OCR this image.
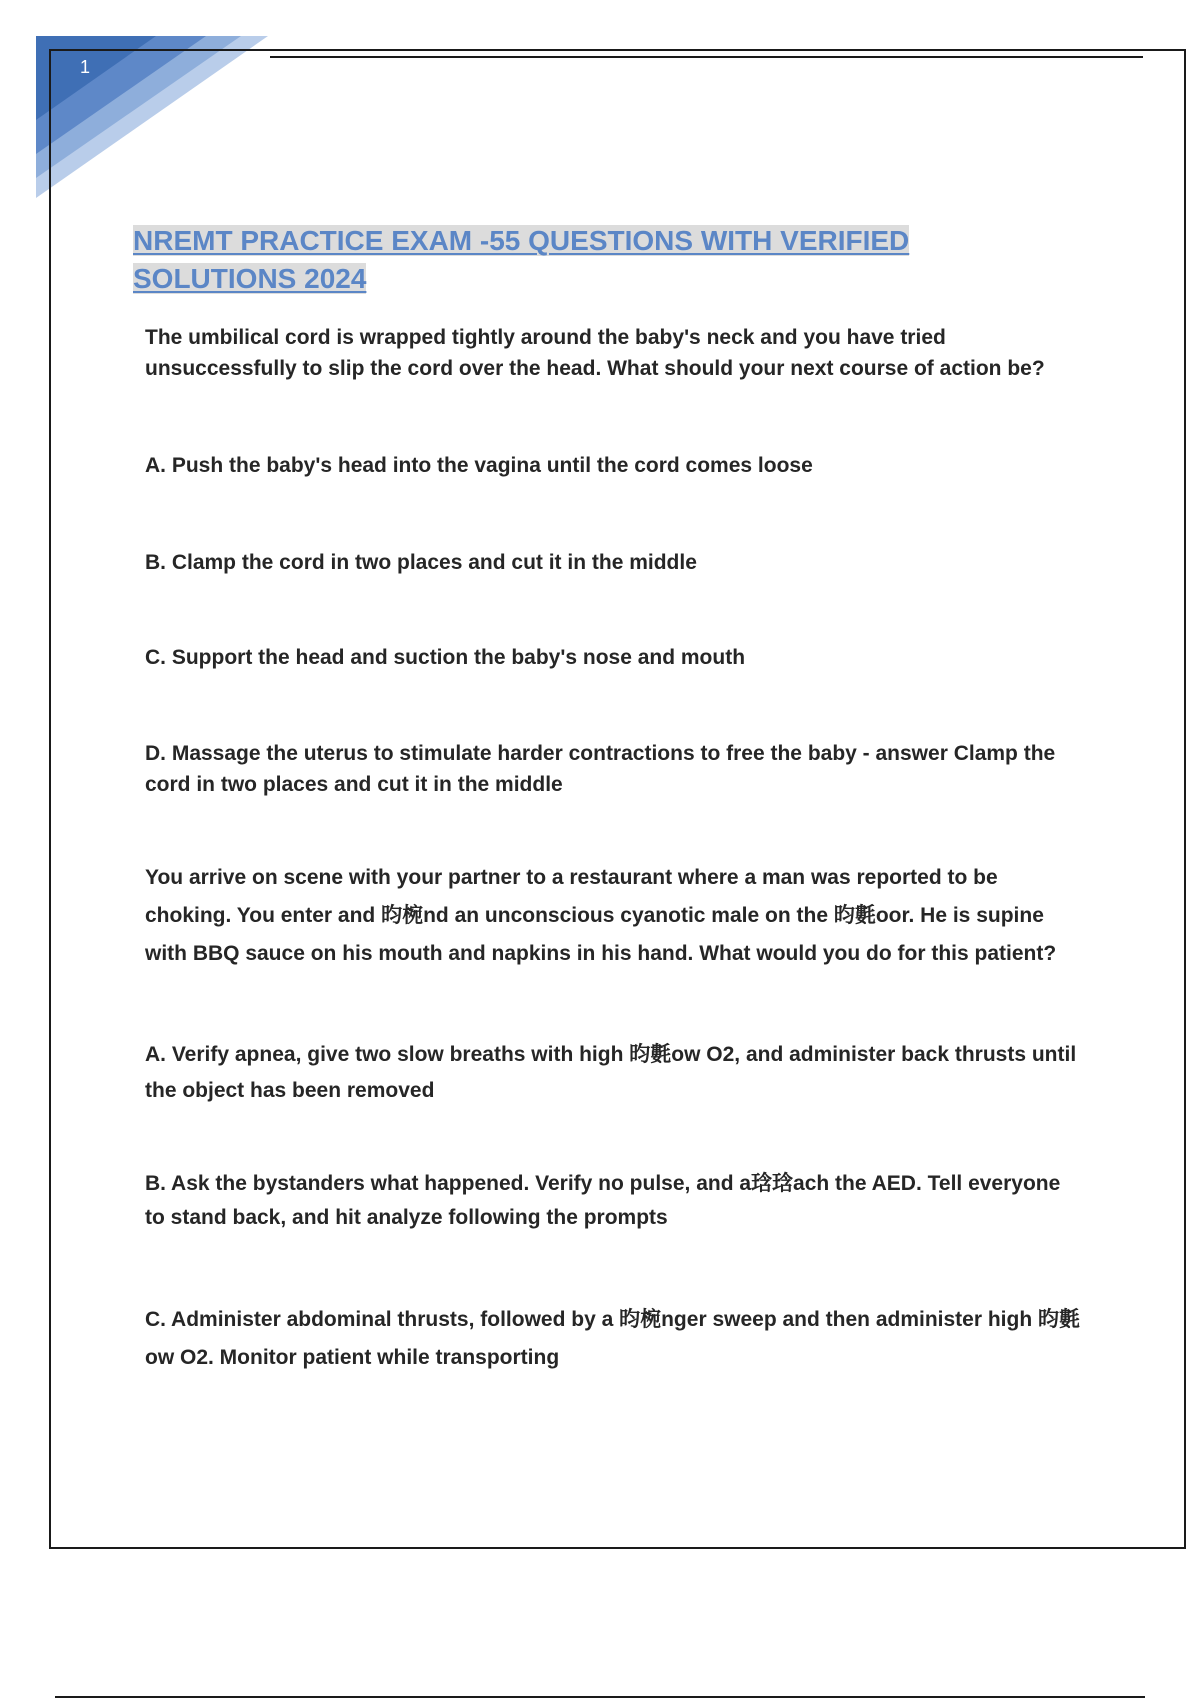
1
NREMT PRACTICE EXAM -55 QUESTIONS WITH VERIFIED SOLUTIONS 2024

The umbilical cord is wrapped tightly around the baby's neck and you have tried unsuccessfully to slip the cord over the head. What should your next course of action be?

A. Push the baby's head into the vagina until the cord comes loose

B. Clamp the cord in two places and cut it in the middle

C. Support the head and suction the baby's nose and mouth

D. Massage the uterus to stimulate harder contractions to free the baby - answer Clamp the cord in two places and cut it in the middle

You arrive on scene with your partner to a restaurant where a man was reported to be choking. You enter and 昀椀nd an unconscious cyanotic male on the 昀氀oor. He is supine with BBQ sauce on his mouth and napkins in his hand. What would you do for this patient?

A. Verify apnea, give two slow breaths with high 昀氀ow O2, and administer back thrusts until the object has been removed

B. Ask the bystanders what happened. Verify no pulse, and a琀琀ach the AED. Tell everyone to stand back, and hit analyze following the prompts

C. Administer abdominal thrusts, followed by a 昀椀nger sweep and then administer high 昀氀ow O2. Monitor patient while transporting
